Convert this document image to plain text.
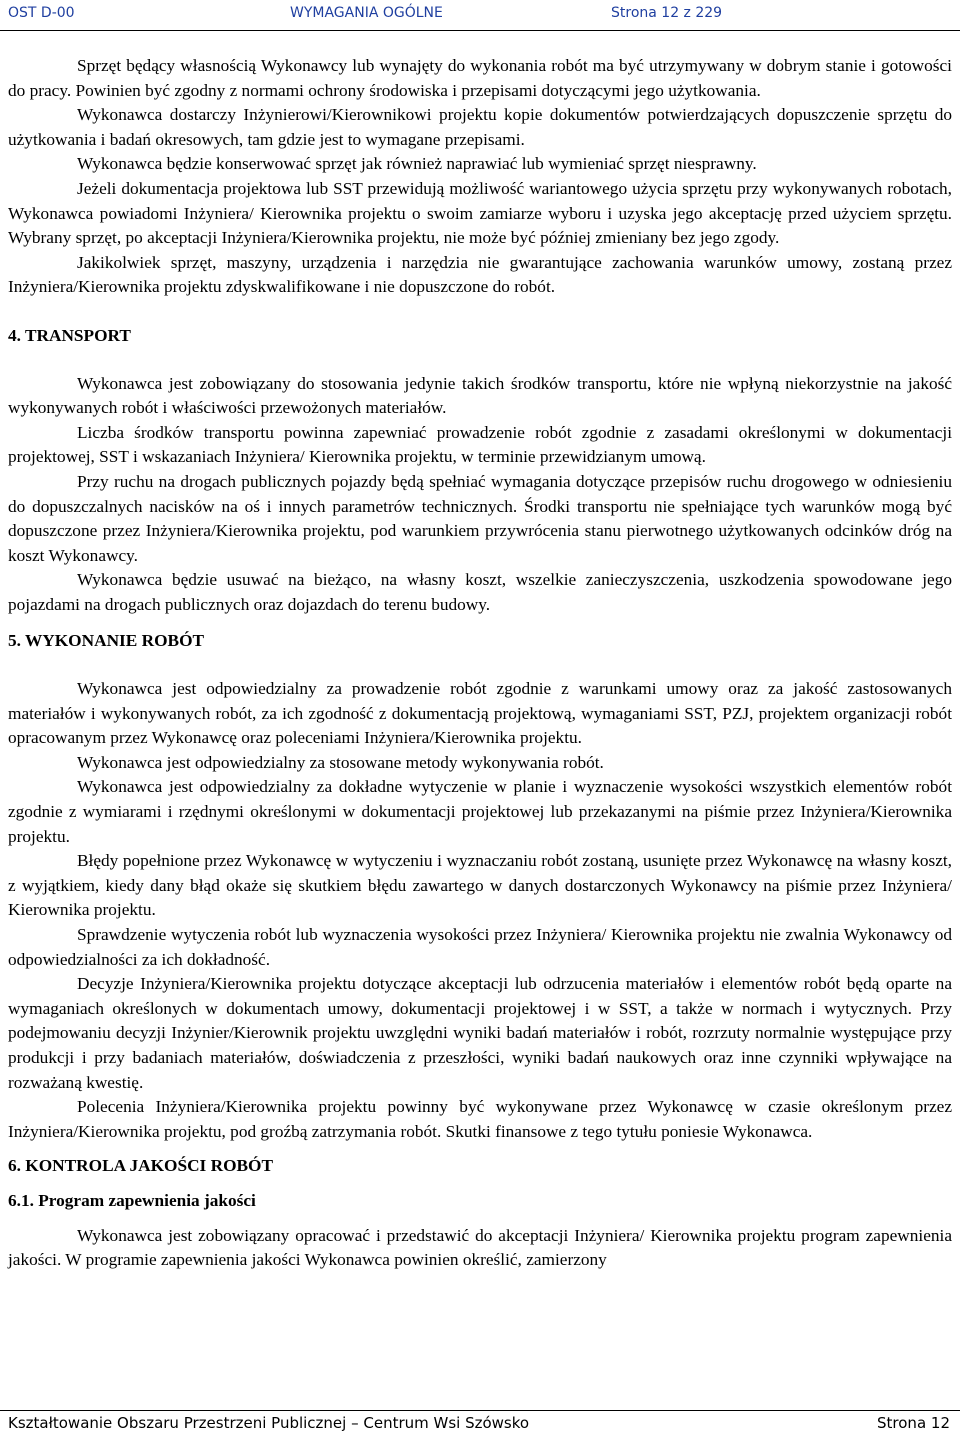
OST D-00	WYMAGANIA OGÓLNE	Strona 12 z 229

Sprzęt będący własnością Wykonawcy lub wynajęty do wykonania robót ma być utrzymywany w dobrym stanie i gotowości do pracy. Powinien być zgodny z normami ochrony środowiska i przepisami dotyczącymi jego użytkowania.

Wykonawca dostarczy Inżynierowi/Kierownikowi projektu kopie dokumentów potwierdzających dopuszczenie sprzętu do użytkowania i badań okresowych, tam gdzie jest to wymagane przepisami.

Wykonawca będzie konserwować sprzęt jak również naprawiać lub wymieniać sprzęt niesprawny.

Jeżeli dokumentacja projektowa lub SST przewidują możliwość wariantowego użycia sprzętu przy wykonywanych robotach, Wykonawca powiadomi Inżyniera/ Kierownika projektu o swoim zamiarze wyboru i uzyska jego akceptację przed użyciem sprzętu. Wybrany sprzęt, po akceptacji Inżyniera/Kierownika projektu, nie może być później zmieniany bez jego zgody.

Jakikolwiek sprzęt, maszyny, urządzenia i narzędzia nie gwarantujące zachowania warunków umowy, zostaną przez Inżyniera/Kierownika projektu zdyskwalifikowane i nie dopuszczone do robót.

4. TRANSPORT

Wykonawca jest zobowiązany do stosowania jedynie takich środków transportu, które nie wpłyną niekorzystnie na jakość wykonywanych robót i właściwości przewożonych materiałów.

Liczba środków transportu powinna zapewniać prowadzenie robót zgodnie z zasadami określonymi w dokumentacji projektowej, SST i wskazaniach Inżyniera/ Kierownika projektu, w terminie przewidzianym umową.

Przy ruchu na drogach publicznych pojazdy będą spełniać wymagania dotyczące przepisów ruchu drogowego w odniesieniu do dopuszczalnych nacisków na oś i innych parametrów technicznych. Środki transportu nie spełniające tych warunków mogą być dopuszczone przez Inżyniera/Kierownika projektu, pod warunkiem przywrócenia stanu pierwotnego użytkowanych odcinków dróg na koszt Wykonawcy.

Wykonawca będzie usuwać na bieżąco, na własny koszt, wszelkie zanieczyszczenia, uszkodzenia spowodowane jego pojazdami na drogach publicznych oraz dojazdach do terenu budowy.

5. WYKONANIE ROBÓT

Wykonawca jest odpowiedzialny za prowadzenie robót zgodnie z warunkami umowy oraz za jakość zastosowanych materiałów i wykonywanych robót, za ich zgodność z dokumentacją projektową, wymaganiami SST, PZJ, projektem organizacji robót opracowanym przez Wykonawcę oraz poleceniami Inżyniera/Kierownika projektu.

Wykonawca jest odpowiedzialny za stosowane metody wykonywania robót.

Wykonawca jest odpowiedzialny za dokładne wytyczenie w planie i wyznaczenie wysokości wszystkich elementów robót zgodnie z wymiarami i rzędnymi określonymi w dokumentacji projektowej lub przekazanymi na piśmie przez Inżyniera/Kierownika projektu.

Błędy popełnione przez Wykonawcę w wytyczeniu i wyznaczaniu robót zostaną, usunięte przez Wykonawcę na własny koszt, z wyjątkiem, kiedy dany błąd okaże się skutkiem błędu zawartego w danych dostarczonych Wykonawcy na piśmie przez Inżyniera/ Kierownika projektu.

Sprawdzenie wytyczenia robót lub wyznaczenia wysokości przez Inżyniera/ Kierownika projektu nie zwalnia Wykonawcy od odpowiedzialności za ich dokładność.

Decyzje Inżyniera/Kierownika projektu dotyczące akceptacji lub odrzucenia materiałów i elementów robót będą oparte na wymaganiach określonych w dokumentach umowy, dokumentacji projektowej i w SST, a także w normach i wytycznych. Przy podejmowaniu decyzji Inżynier/Kierownik projektu uwzględni wyniki badań materiałów i robót, rozrzuty normalnie występujące przy produkcji i przy badaniach materiałów, doświadczenia z przeszłości, wyniki badań naukowych oraz inne czynniki wpływające na rozważaną kwestię.

Polecenia Inżyniera/Kierownika projektu powinny być wykonywane przez Wykonawcę w czasie określonym przez Inżyniera/Kierownika projektu, pod groźbą zatrzymania robót. Skutki finansowe z tego tytułu poniesie Wykonawca.

6. KONTROLA JAKOŚCI ROBÓT
6.1. Program zapewnienia jakości

Wykonawca jest zobowiązany opracować i przedstawić do akceptacji Inżyniera/ Kierownika projektu program zapewnienia jakości. W programie zapewnienia jakości Wykonawca powinien określić, zamierzony

Kształtowanie Obszaru Przestrzeni Publicznej – Centrum Wsi Szówsko	Strona 12
